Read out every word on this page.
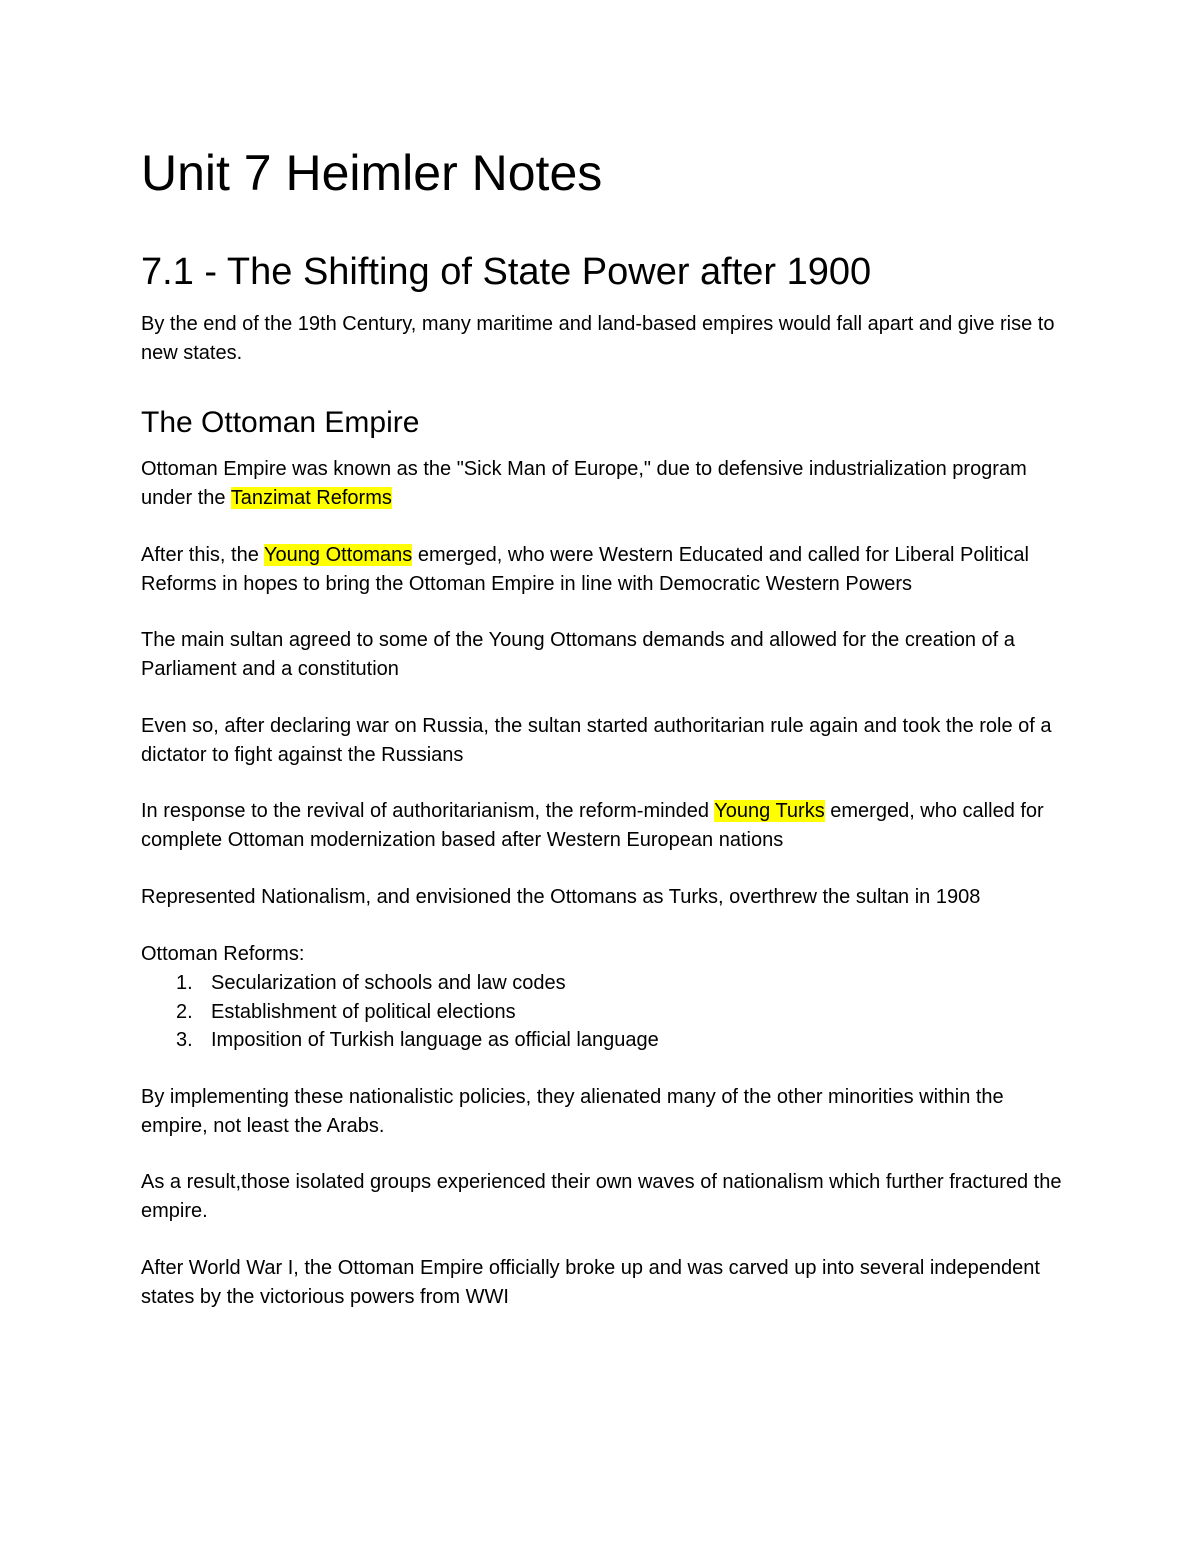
Unit 7 Heimler Notes
7.1 - The Shifting of State Power after 1900

By the end of the 19th Century, many maritime and land-based empires would fall apart and give rise to new states.

The Ottoman Empire

Ottoman Empire was known as the "Sick Man of Europe," due to defensive industrialization program under the Tanzimat Reforms

After this, the Young Ottomans emerged, who were Western Educated and called for Liberal Political Reforms in hopes to bring the Ottoman Empire in line with Democratic Western Powers

The main sultan agreed to some of the Young Ottomans demands and allowed for the creation of a Parliament and a constitution

Even so, after declaring war on Russia, the sultan started authoritarian rule again and took the role of a dictator to fight against the Russians

In response to the revival of authoritarianism, the reform-minded Young Turks emerged, who called for complete Ottoman modernization based after Western European nations

Represented Nationalism, and envisioned the Ottomans as Turks, overthrew the sultan in 1908

Ottoman Reforms:

1. Secularization of schools and law codes
2. Establishment of political elections
3. Imposition of Turkish language as official language

By implementing these nationalistic policies, they alienated many of the other minorities within the empire, not least the Arabs.

As a result,those isolated groups experienced their own waves of nationalism which further fractured the empire.

After World War I, the Ottoman Empire officially broke up and was carved up into several independent states by the victorious powers from WWI
